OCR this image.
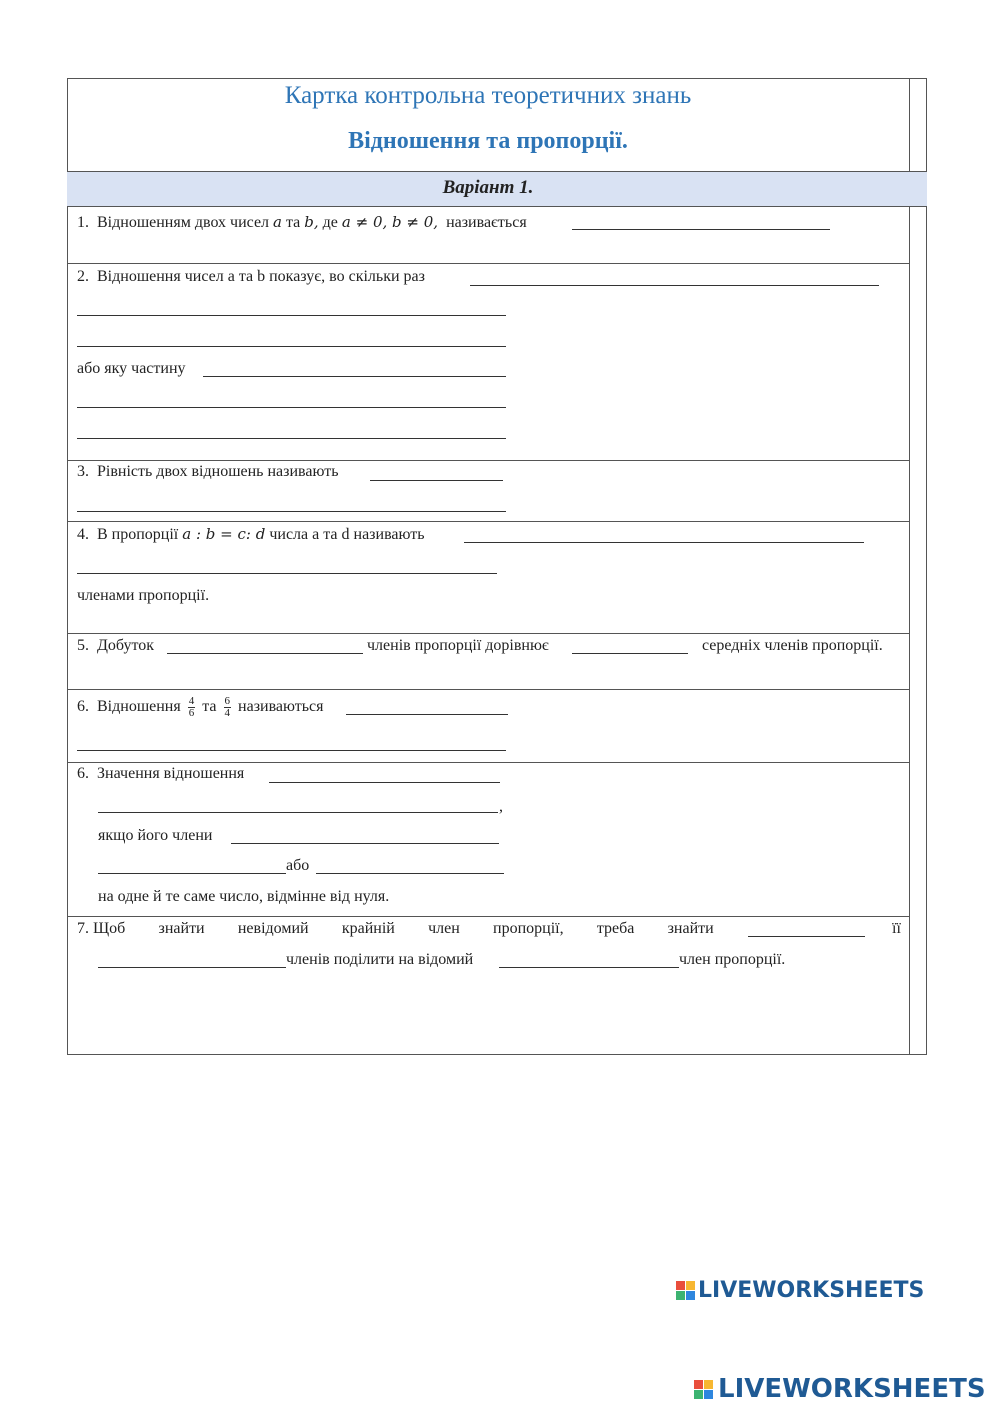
Картка контрольна теоретичних знань
Відношення та пропорції.
Варіант 1.
1. Відношенням двох чисел a та b, де a ≠ 0, b ≠ 0, називається
2. Відношення чисел a та b показує, во скільки раз
або яку частину
3. Рівність двох відношень називають
4. В пропорції a : b = c: d числа a та d називають
членами пропорції.
5. Добуток	членів пропорції дорівнює	середніх членів пропорції.
6. Відношення $\frac{4}{6}$ та $\frac{6}{4}$ називаються
6. Значення відношення
,
якщо його члени
або
на одне й те саме число, відмінне від нуля.
7. Щоб знайти невідомий крайній член пропорції, треба знайти	її
членів поділити на відомий	член пропорції.

LIVEWORKSHEETS

LIVEWORKSHEETS
